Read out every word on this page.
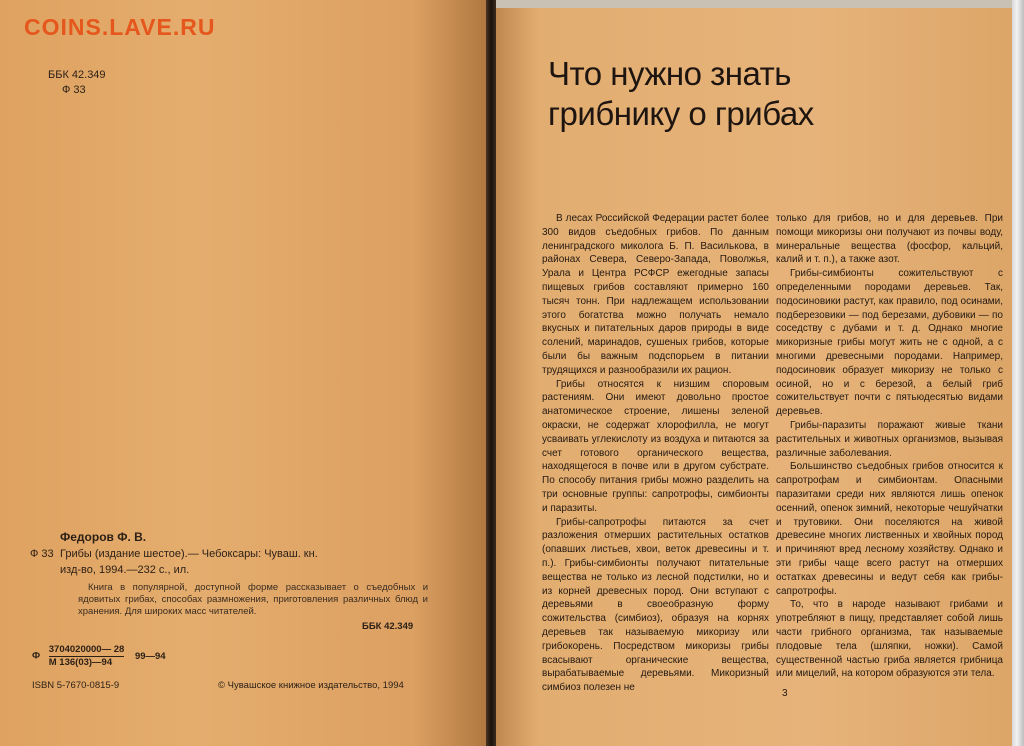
COINS.LAVE.RU
ББК 42.349
Ф 33
Федоров Ф. В.
Ф 33 Грибы (издание шестое).— Чебоксары: Чуваш. кн.
изд-во, 1994.—232 с., ил.
Книга в популярной, доступной форме рассказывает о съедобных и ядовитых грибах, способах размножения, приготовления различных блюд и хранения. Для широких масс читателей.
ББК 42.349
Ф $\frac{3704020000— 28}{М 136(03)—94}$ 99—94
ISBN 5-7670-0815-9	© Чувашское книжное издательство, 1994
Что нужно знать
грибнику о грибах

В лесах Российской Федерации растет более 300 видов съедобных грибов. По данным ленинградского миколога Б. П. Василькова, в районах Севера, Северо-Запада, Поволжья, Урала и Центра РСФСР ежегодные запасы пищевых грибов составляют примерно 160 тысяч тонн. При надлежащем использовании этого богатства можно получать немало вкусных и питательных даров природы в виде солений, маринадов, сушеных грибов, которые были бы важным подспорьем в питании трудящихся и разнообразили их рацион.

Грибы относятся к низшим споровым растениям. Они имеют довольно простое анатомическое строение, лишены зеленой окраски, не содержат хлорофилла, не могут усваивать углекислоту из воздуха и питаются за счет готового органического вещества, находящегося в почве или в другом субстрате. По способу питания грибы можно разделить на три основные группы: сапротрофы, симбионты и паразиты.

Грибы-сапротрофы питаются за счет разложения отмерших растительных остатков (опавших листьев, хвои, веток древесины и т. п.). Грибы-симбионты получают питательные вещества не только из лесной подстилки, но и из корней древесных пород. Они вступают с деревьями в своеобразную форму сожительства (симбиоз), образуя на корнях деревьев так называемую микоризу или грибокорень. Посредством микоризы грибы всасывают органические вещества, вырабатываемые деревьями. Микоризный симбиоз полезен не

только для грибов, но и для деревьев. При помощи микоризы они получают из почвы воду, минеральные вещества (фосфор, кальций, калий и т. п.), а также азот.

Грибы-симбионты сожительствуют с определенными породами деревьев. Так, подосиновики растут, как правило, под осинами, подберезовики — под березами, дубовики — по соседству с дубами и т. д. Однако многие микоризные грибы могут жить не с одной, а с многими древесными породами. Например, подосиновик образует микоризу не только с осиной, но и с березой, а белый гриб сожительствует почти с пятьюдесятью видами деревьев.

Грибы-паразиты поражают живые ткани растительных и животных организмов, вызывая различные заболевания.

Большинство съедобных грибов относится к сапротрофам и симбионтам. Опасными паразитами среди них являются лишь опенок осенний, опенок зимний, некоторые чешуйчатки и трутовики. Они поселяются на живой древесине многих лиственных и хвойных пород и причиняют вред лесному хозяйству. Однако и эти грибы чаще всего растут на отмерших остатках древесины и ведут себя как грибы-сапротрофы.

То, что в народе называют грибами и употребляют в пищу, представляет собой лишь части грибного организма, так называемые плодовые тела (шляпки, ножки). Самой существенной частью гриба является грибница или мицелий, на котором образуются эти тела.

3
